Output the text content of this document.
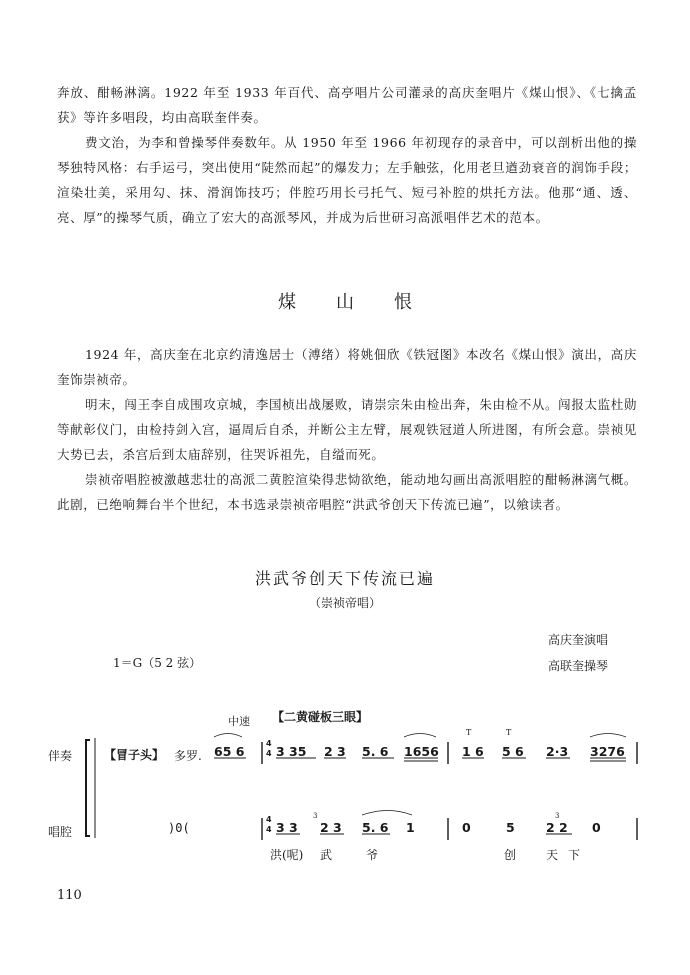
奔放、酣畅淋漓。1922 年至 1933 年百代、高亭唱片公司灌录的高庆奎唱片《煤山恨》、《七擒孟获》等许多唱段，均由高联奎伴奏。

费文治，为李和曾操琴伴奏数年。从 1950 年至 1966 年初现存的录音中，可以剖析出他的操琴独特风格：右手运弓，突出使用“陡然而起”的爆发力；左手触弦，化用老旦遒劲衰音的润饰手段；渲染壮美，采用勾、抹、滑润饰技巧；伴腔巧用长弓托气、短弓补腔的烘托方法。他那“通、透、亮、厚”的操琴气质，确立了宏大的高派琴风，并成为后世研习高派唱伴艺术的范本。

煤山恨

1924 年，高庆奎在北京约清逸居士（溥绪）将姚佃欣《铁冠图》本改名《煤山恨》演出，高庆奎饰崇祯帝。

明末，闯王李自成围攻京城，李国桢出战屡败，请崇宗朱由检出奔，朱由检不从。闯报太监杜勋等献彰仪门，由检持剑入宫，逼周后自杀，并断公主左臂，展观铁冠道人所进图，有所会意。崇祯见大势已去，杀宫后到太庙辞别，往哭诉祖先，自缢而死。

崇祯帝唱腔被激越悲壮的高派二黄腔渲染得悲恸欲绝，能动地勾画出高派唱腔的酣畅淋漓气概。此剧，已绝响舞台半个世纪，本书选录崇祯帝唱腔“洪武爷创天下传流已遍”，以飨读者。

洪武爷创天下传流已遍
（崇祯帝唱）
高庆奎演唱
高联奎操琴
1＝G（5 2 弦）
中速 【二黄碰板三眼】
伴奏
唱腔
【冒子头】 多罗. 65 6
4
4 3 35 2 3 5. 6 1656 1 6 5 6 2·3 3276
T	T
)0(
4
4 3 3
3
2 3 5. 6 1	0	5
3
2 2 0
洪(呢) 武	爷	创 天 下
110
